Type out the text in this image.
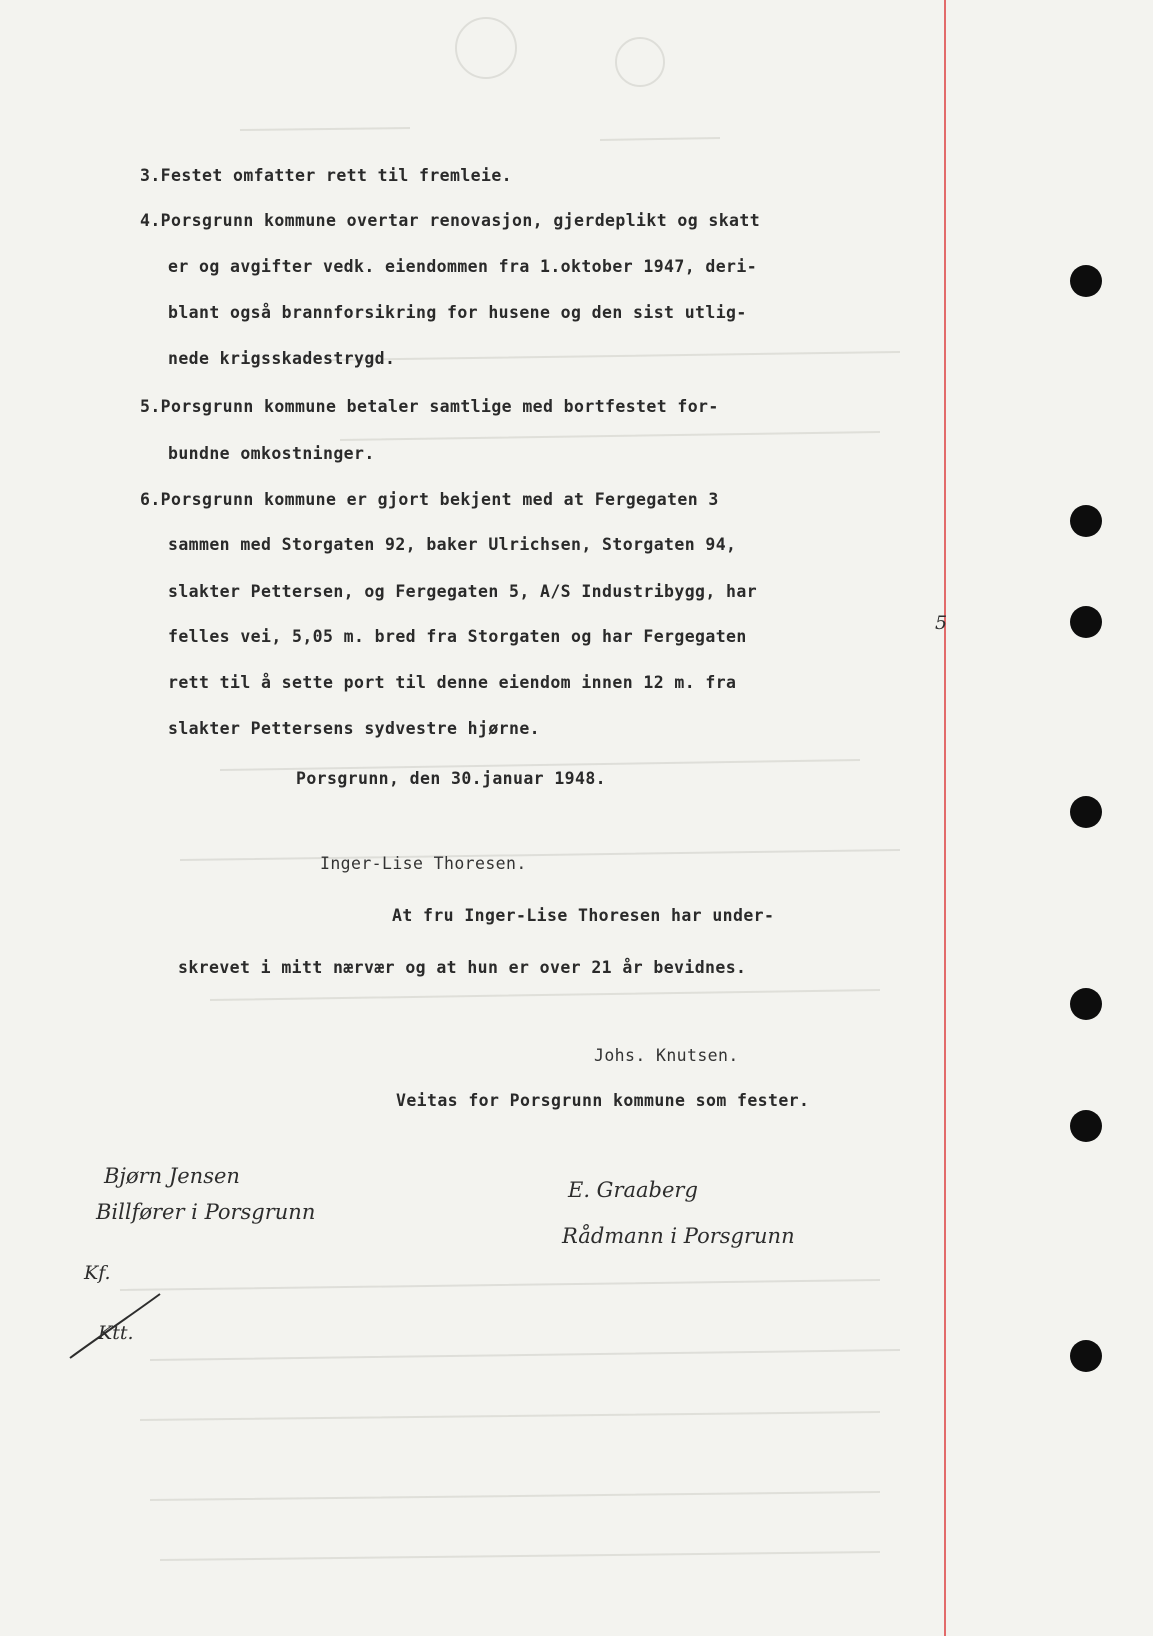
3.Festet omfatter rett til fremleie.

4.Porsgrunn kommune overtar renovasjon, gjerdeplikt og skatt

er og avgifter vedk. eiendommen fra 1.oktober 1947, deri-

blant også brannforsikring for husene og den sist utlig-

nede krigsskadestrygd.

5.Porsgrunn kommune betaler samtlige med bortfestet for-

bundne omkostninger.

6.Porsgrunn kommune er gjort bekjent med at Fergegaten 3

sammen med Storgaten 92, baker Ulrichsen, Storgaten 94,

slakter Pettersen, og Fergegaten 5, A/S Industribygg, har

felles vei, 5,05 m. bred fra Storgaten og har Fergegaten

5

rett til å sette port til denne eiendom innen 12 m. fra

slakter Pettersens sydvestre hjørne.

Porsgrunn, den 30.januar 1948.

Inger-Lise Thoresen.

At fru Inger-Lise Thoresen har under-

skrevet i mitt nærvær og at hun er over 21 år bevidnes.

Johs. Knutsen.

Veitas for Porsgrunn kommune som fester.

Bjørn Jensen
Billfører i Porsgrunn
E. Graaberg
Rådmann i Porsgrunn
Kf.
Ktt.
